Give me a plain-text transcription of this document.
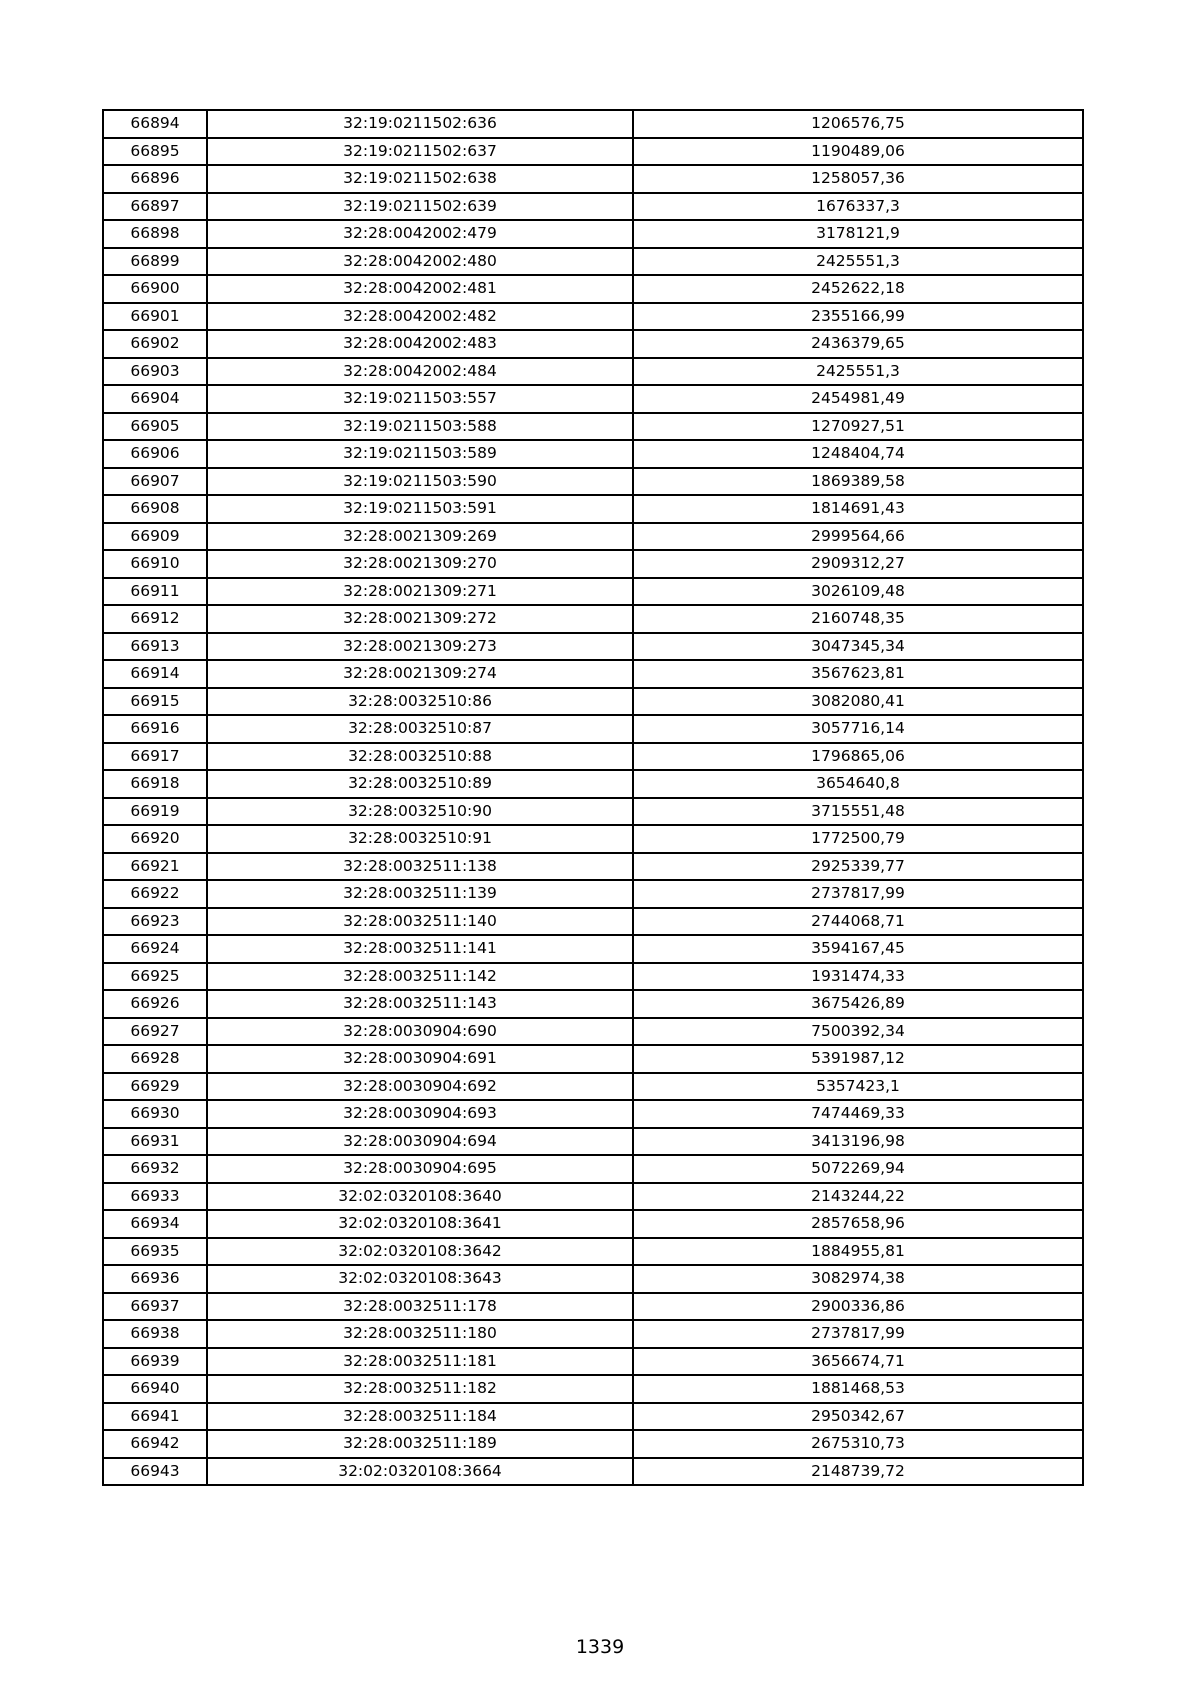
66894	32:19:0211502:636	1206576,75
66895	32:19:0211502:637	1190489,06
66896	32:19:0211502:638	1258057,36
66897	32:19:0211502:639	1676337,3
66898	32:28:0042002:479	3178121,9
66899	32:28:0042002:480	2425551,3
66900	32:28:0042002:481	2452622,18
66901	32:28:0042002:482	2355166,99
66902	32:28:0042002:483	2436379,65
66903	32:28:0042002:484	2425551,3
66904	32:19:0211503:557	2454981,49
66905	32:19:0211503:588	1270927,51
66906	32:19:0211503:589	1248404,74
66907	32:19:0211503:590	1869389,58
66908	32:19:0211503:591	1814691,43
66909	32:28:0021309:269	2999564,66
66910	32:28:0021309:270	2909312,27
66911	32:28:0021309:271	3026109,48
66912	32:28:0021309:272	2160748,35
66913	32:28:0021309:273	3047345,34
66914	32:28:0021309:274	3567623,81
66915	32:28:0032510:86	3082080,41
66916	32:28:0032510:87	3057716,14
66917	32:28:0032510:88	1796865,06
66918	32:28:0032510:89	3654640,8
66919	32:28:0032510:90	3715551,48
66920	32:28:0032510:91	1772500,79
66921	32:28:0032511:138	2925339,77
66922	32:28:0032511:139	2737817,99
66923	32:28:0032511:140	2744068,71
66924	32:28:0032511:141	3594167,45
66925	32:28:0032511:142	1931474,33
66926	32:28:0032511:143	3675426,89
66927	32:28:0030904:690	7500392,34
66928	32:28:0030904:691	5391987,12
66929	32:28:0030904:692	5357423,1
66930	32:28:0030904:693	7474469,33
66931	32:28:0030904:694	3413196,98
66932	32:28:0030904:695	5072269,94
66933	32:02:0320108:3640	2143244,22
66934	32:02:0320108:3641	2857658,96
66935	32:02:0320108:3642	1884955,81
66936	32:02:0320108:3643	3082974,38
66937	32:28:0032511:178	2900336,86
66938	32:28:0032511:180	2737817,99
66939	32:28:0032511:181	3656674,71
66940	32:28:0032511:182	1881468,53
66941	32:28:0032511:184	2950342,67
66942	32:28:0032511:189	2675310,73
66943	32:02:0320108:3664	2148739,72
1339
